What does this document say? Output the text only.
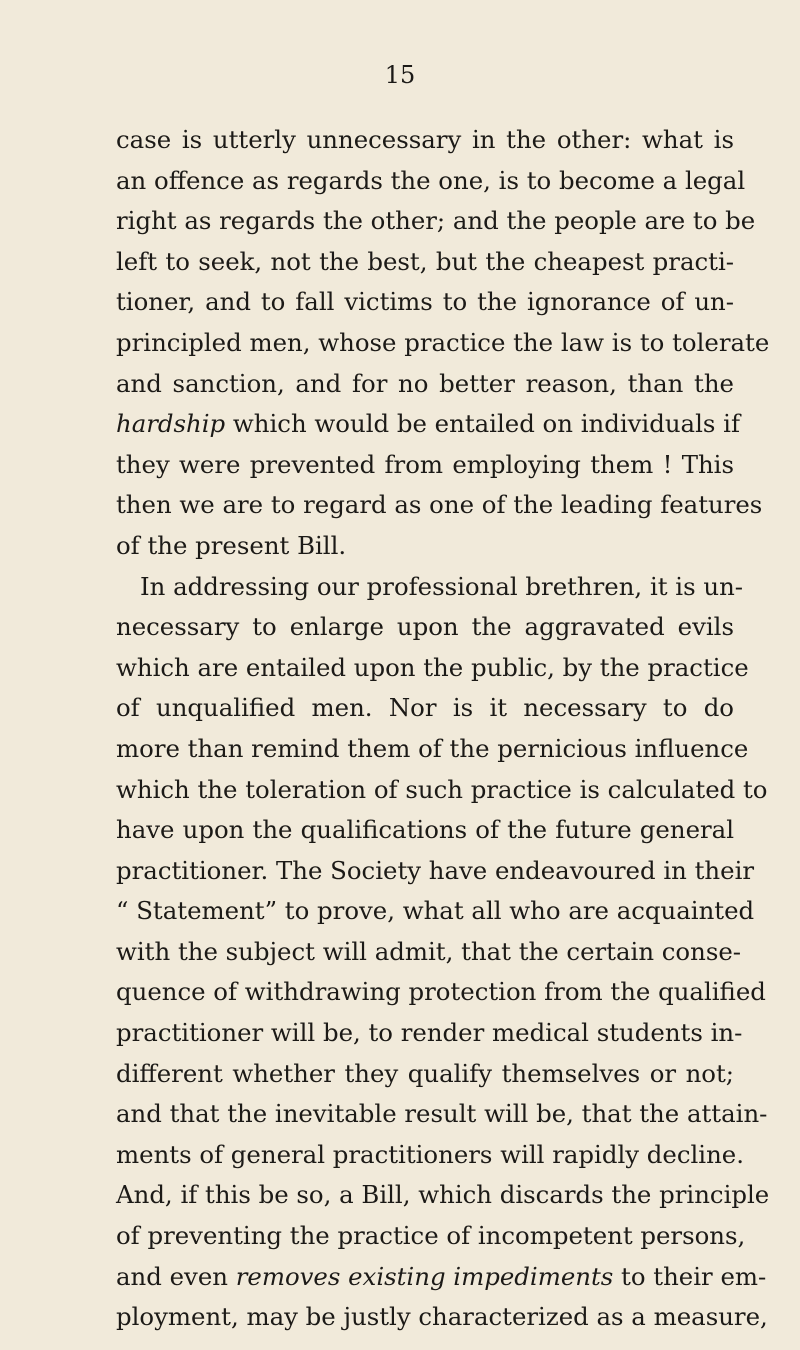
15
case is utterly unnecessary in the other: what is
an offence as regards the one, is to become a legal
right as regards the other; and the people are to be
left to seek, not the best, but the cheapest practi-
tioner, and to fall victims to the ignorance of un-
principled men, whose practice the law is to tolerate
and sanction, and for no better reason, than the
hardship which would be entailed on individuals if
they were prevented from employing them ! This
then we are to regard as one of the leading features
of the present Bill.
In addressing our professional brethren, it is un-
necessary to enlarge upon the aggravated evils
which are entailed upon the public, by the practice
of unqualified men. Nor is it necessary to do
more than remind them of the pernicious influence
which the toleration of such practice is calculated to
have upon the qualifications of the future general
practitioner. The Society have endeavoured in their
“ Statement” to prove, what all who are acquainted
with the subject will admit, that the certain conse-
quence of withdrawing protection from the qualified
practitioner will be, to render medical students in-
different whether they qualify themselves or not;
and that the inevitable result will be, that the attain-
ments of general practitioners will rapidly decline.
And, if this be so, a Bill, which discards the principle
of preventing the practice of incompetent persons,
and even removes existing impediments to their em-
ployment, may be justly characterized as a measure,
